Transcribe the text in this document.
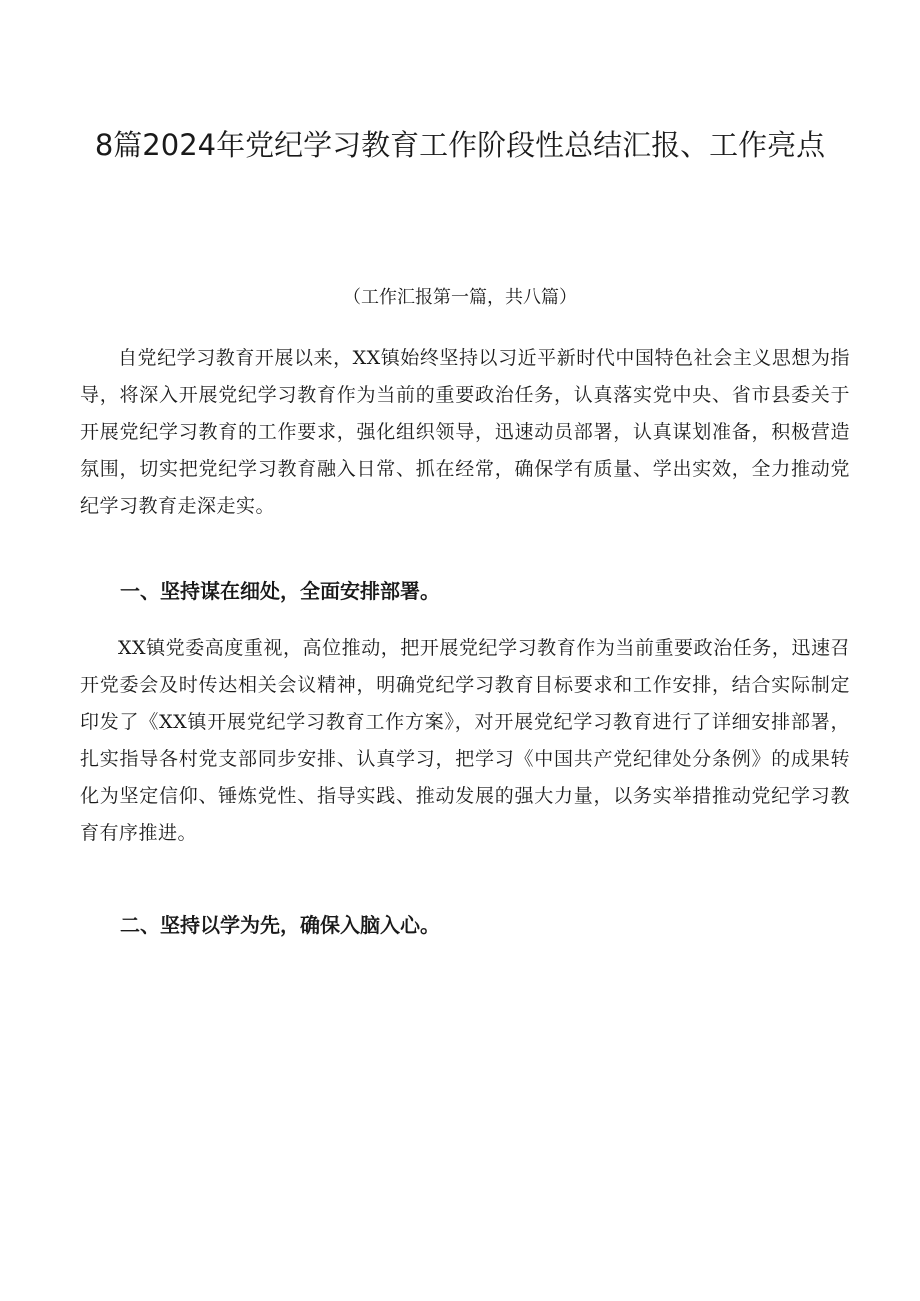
8篇2024年党纪学习教育工作阶段性总结汇报、工作亮点

（工作汇报第一篇，共八篇）

自党纪学习教育开展以来，XX镇始终坚持以习近平新时代中国特色社会主义思想为指导，将深入开展党纪学习教育作为当前的重要政治任务，认真落实党中央、省市县委关于开展党纪学习教育的工作要求，强化组织领导，迅速动员部署，认真谋划准备，积极营造氛围，切实把党纪学习教育融入日常、抓在经常，确保学有质量、学出实效，全力推动党纪学习教育走深走实。

一、坚持谋在细处，全面安排部署。

XX镇党委高度重视，高位推动，把开展党纪学习教育作为当前重要政治任务，迅速召开党委会及时传达相关会议精神，明确党纪学习教育目标要求和工作安排，结合实际制定印发了《XX镇开展党纪学习教育工作方案》，对开展党纪学习教育进行了详细安排部署，扎实指导各村党支部同步安排、认真学习，把学习《中国共产党纪律处分条例》的成果转化为坚定信仰、锤炼党性、指导实践、推动发展的强大力量，以务实举措推动党纪学习教育有序推进。

二、坚持以学为先，确保入脑入心。
